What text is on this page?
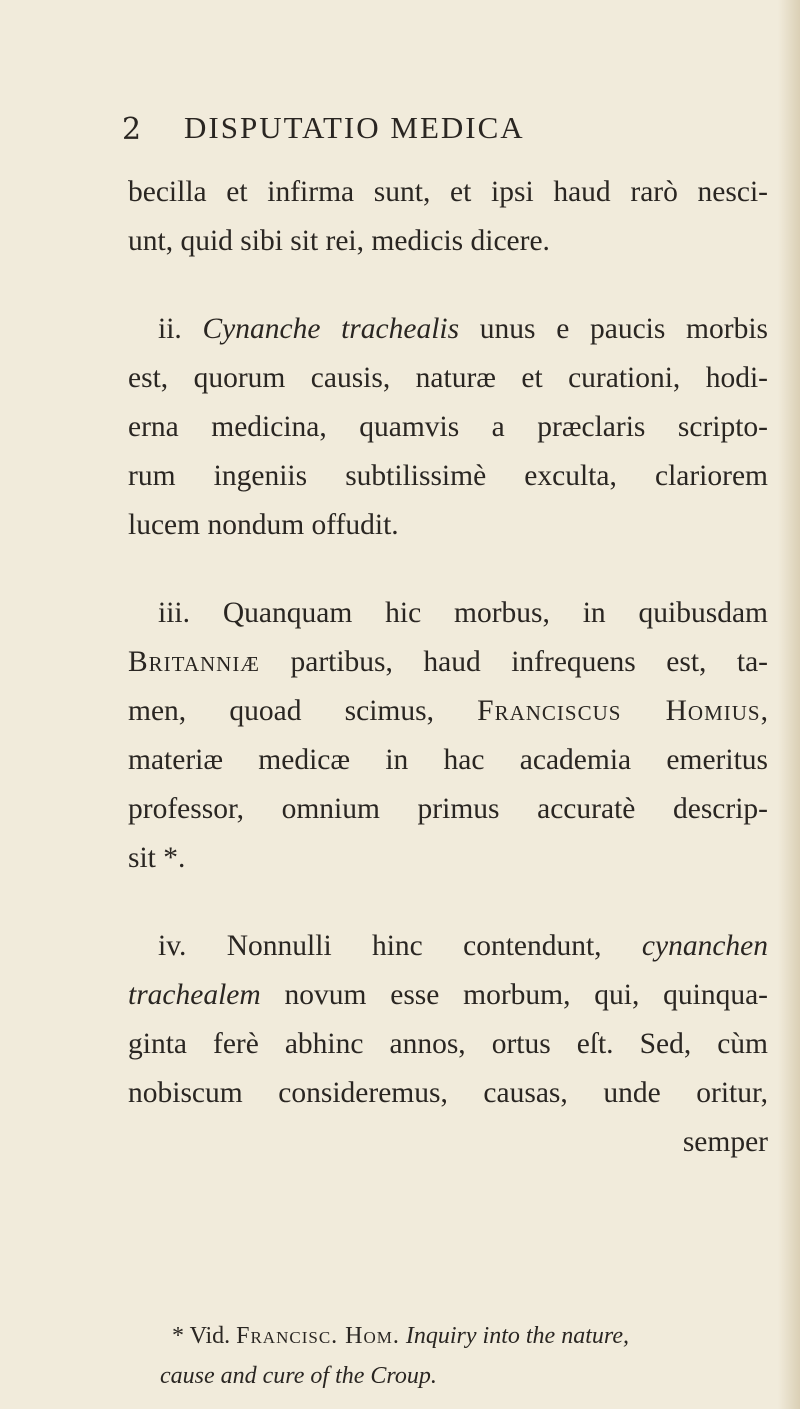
2 DISPUTATIO MEDICA
becilla et infirma sunt, et ipsi haud rarò nesci-
unt, quid sibi sit rei, medicis dicere.
ii. Cynanche trachealis unus e paucis morbis
est, quorum causis, naturæ et curationi, hodi-
erna medicina, quamvis a præclaris scripto-
rum ingeniis subtilissimè exculta, clariorem
lucem nondum offudit.
iii. Quanquam hic morbus, in quibusdam
Britanniæ partibus, haud infrequens est, ta-
men, quoad scimus, Franciscus Homius,
materiæ medicæ in hac academia emeritus
professor, omnium primus accuratè descrip-
sit *.
iv. Nonnulli hinc contendunt, cynanchen
trachealem novum esse morbum, qui, quinqua-
ginta ferè abhinc annos, ortus eſt. Sed, cùm
nobiscum consideremus, causas, unde oritur,
semper
* Vid. Francisc. Hom. Inquiry into the nature,
cause and cure of the Croup.
